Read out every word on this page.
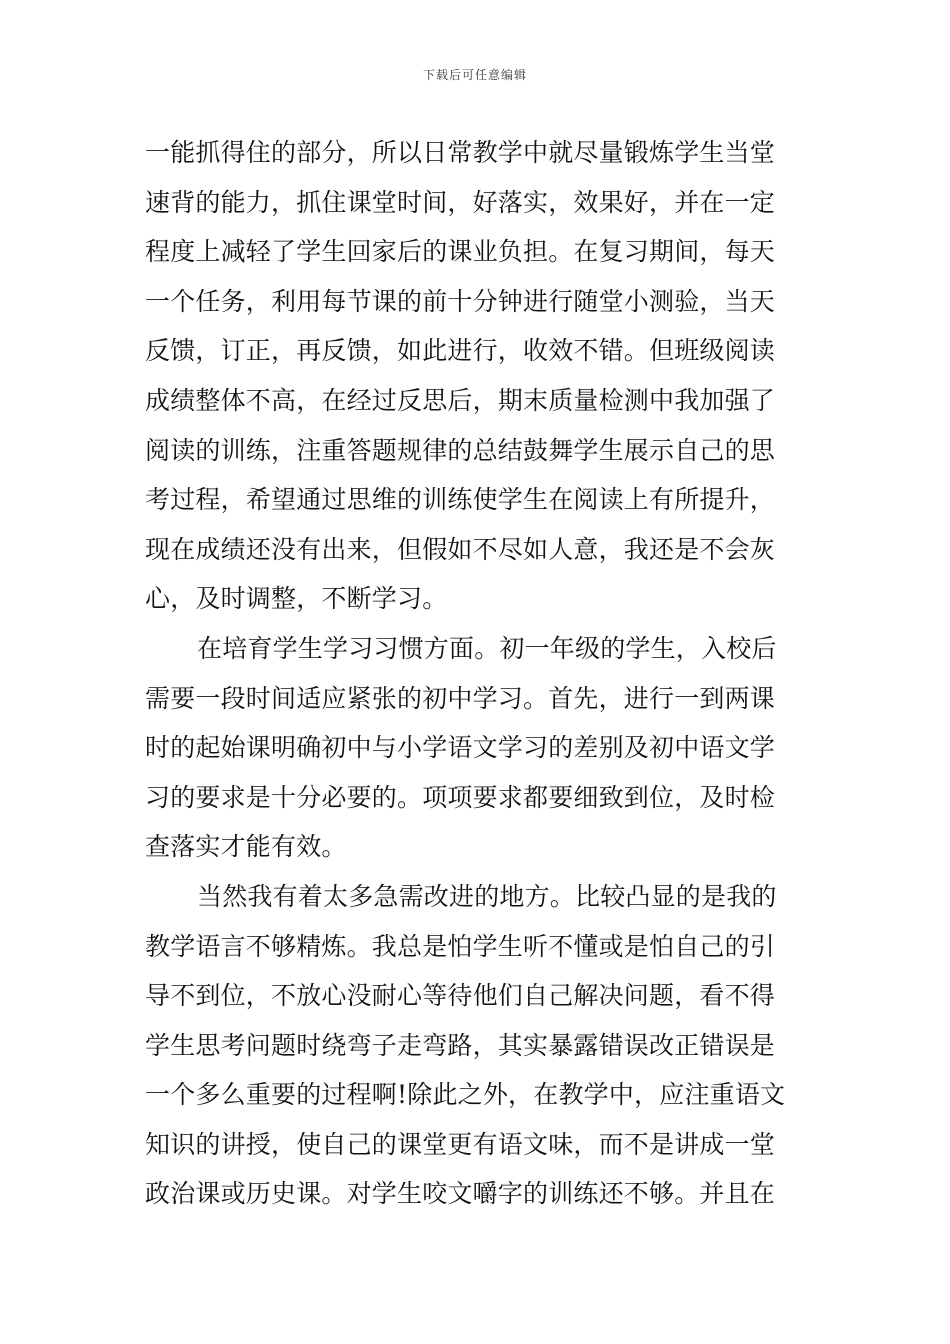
下载后可任意编辑
一能抓得住的部分，所以日常教学中就尽量锻炼学生当堂
速背的能力，抓住课堂时间，好落实，效果好，并在一定
程度上减轻了学生回家后的课业负担。在复习期间，每天
一个任务，利用每节课的前十分钟进行随堂小测验，当天
反馈，订正，再反馈，如此进行，收效不错。但班级阅读
成绩整体不高，在经过反思后，期末质量检测中我加强了
阅读的训练，注重答题规律的总结鼓舞学生展示自己的思
考过程，希望通过思维的训练使学生在阅读上有所提升，
现在成绩还没有出来，但假如不尽如人意，我还是不会灰
心，及时调整，不断学习。
在培育学生学习习惯方面。初一年级的学生，入校后
需要一段时间适应紧张的初中学习。首先，进行一到两课
时的起始课明确初中与小学语文学习的差别及初中语文学
习的要求是十分必要的。项项要求都要细致到位，及时检
查落实才能有效。
当然我有着太多急需改进的地方。比较凸显的是我的
教学语言不够精炼。我总是怕学生听不懂或是怕自己的引
导不到位，不放心没耐心等待他们自己解决问题，看不得
学生思考问题时绕弯子走弯路，其实暴露错误改正错误是
一个多么重要的过程啊!除此之外，在教学中，应注重语文
知识的讲授，使自己的课堂更有语文味，而不是讲成一堂
政治课或历史课。对学生咬文嚼字的训练还不够。并且在
